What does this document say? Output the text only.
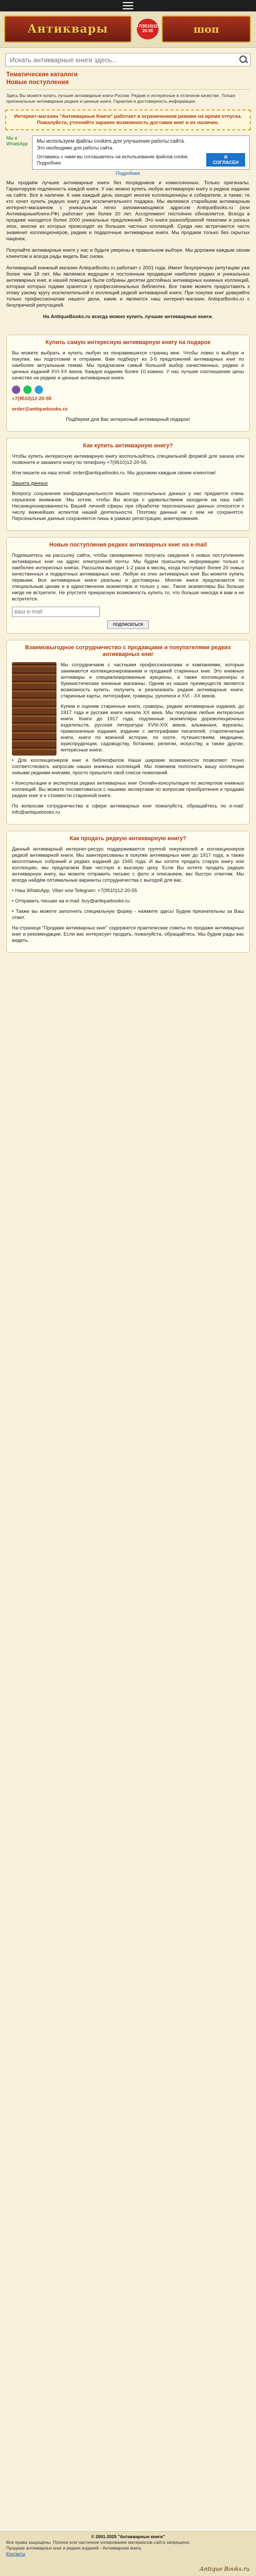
Антиквары	+7(9510)12-20-55	шоп
Искать антикварные книги здесь...
Тематические каталоги
Новые поступления
Здесь Вы можете купить лучшие антикварные книги России. Редкие и интересные в отличном качестве. Только оригинальные антикварные редкие и ценные книги. Гарантия и достоверность информации.

Интернет-магазин "Антикварные Книги" работает в ограниченном режиме на время отпуска. Пожалуйста, уточняйте заранее возможность доставки книг и их наличие.

Мы в WhatsApp Мы используем файлы cookies для улучшения работы сайта.
Это необходимо для работы сайта.
Оставаясь с нами вы соглашаетесь на использование файлов cookie. Подробнее
Я СОГЛАСЕН
Подробнее

Мы продаём лучшие антикварные книги без посредников и комиссионных. Только оригиналы. Гарантируем подлинность каждой книги. У нас можно купить любую антикварную книгу и редкое издание на сайте. Все в наличии. К нам каждый день заходят многие коллекционеры и собиратели, а также, те кто хочет купить редкую книгу для исключительного подарка. Мы являемся старейшим антикварным интернет-магазином с уникальным легко запоминающимся адресом AntiqueBooks.ru (или АнтикварныеКниги.РФ) работает уже более 20 лет. Ассортимент постоянно обновляется. Всегда в продаже находится более 2000 уникальных предложений. Это книги разнообразной тематики и разных эпох, многие из которых происходят из больших частных коллекций. Среди них встречаются часто знаменит коллекционеров, редкие и подарочные антикварные книги. Мы продаем только без скрытых наценок.

Покупайте антикварные книги у нас и будьте уверены в правильном выборе. Мы дорожим каждым своим клиентом и всегда рады видеть Вас снова.

Антикварный книжный магазин AntiqueBooks.ru работает с 2001 года. Имеет безупречную репутацию уже более чем 18 лет. Мы являемся ведущим и постоянным продавцом наиболее редких и уникальных антикварных книг, в нашей помощью были собраны десятки достойных антикварных книжных коллекций, которые которых годами хранится у профессиональных библиотек. Все также можете предоставить к этому узкому кругу исключительной и коллекций редкой антикварной книги. При покупке книг доверяйте только профессионалам нашего дела, какие и являются наш интернет-магазин AntiqueBooks.ru с безупречной репутацией.

На AntiqueBooks.ru всегда можно купить лучшие антикварные книги.

Купить самую интересную антикварную книгу на подарок

Вы можете выбрать и купить любую из понравившихся страниц мне. Чтобы ловко о выборе и покупке, мы подготовим и отправим. Вам подберут из 3-5 предложений антикварных книг по наиболее актуальным темам. Мы предлагаем самый большой выбор качественных, редких и ценных изданий XVI-XX веков. Каждое издание более 10 ковано. У нас лучшие соотношение цены качество на редкие и ценные антикварные книги.

+7(9510)12-20-55

order@antiquebooks.ru

Подберем для Вас интересный антикварный подарок!

Как купить антикварную книгу?

Чтобы купить интересную антикварную книгу воспользуйтесь специальной формой для заказа или позвоните и закажите книгу по телефону +7(9510)12-20-55.

Или пишите на наш email: order@antiquebooks.ru. Мы дорожим каждым своим клиентом!

Защита данных

Вопросу сохранения конфиденциальности ваших персональных данных у нас придается очень серьезное внимание. Мы хотим, чтобы Вы всегда с удовольствием заходили на наш сайт. Несанкционированность Вашей личной сферы при обработке персональных данных относится к числу важнейших аспектов нашей деятельности. Поэтому данные ни с кем не сохранятся. Персональные данные сохраняются лишь в рамках регистрации, анкетирования.

Новые поступления редких антикварных книг на e-mail

Подпишитесь на рассылку сайта, чтобы своевременно получать сведения о новых поступлениях антикварных книг на адрес электронной почты. Мы будем присылать информацию только о наиболее интересных книгах. Рассылка выходит 1-2 раза в месяц, когда поступают более 20 новых качественных и подарочных антикварных книг. Любую из этих антикварных книг Вы можете купить первыми. Все антикварные книги реальны и достоверны. Многие книги предлагаются по специальным ценам и в единственном экземпляре и только у нас. Такое экземпляры Вы больше нигде не встретите. Не упустите прекрасную возможность купить то, что больше никогда в вам и не встретится.

ваш e-mail
подписаться
Взаимовыгодное сотрудничество с продавцами и покупателями редких антикварных книг

Мы сотрудничаем с частными профессионалами и компаниями, которые занимаются коллекционированием и продажей старинных книг. Это книжные антиквары и специализированные аукционы, а также коллекционеры и букинистические книжные магазины. Одним из наших преимуществ является возможность купить, получить и реализовать редкие антикварные книги, старинные карты, литографии, гравюры, рукописи и XVI - XX веков.

Купим и оценим старинные книги, гравюры, редкие антикварные издания, до 1917 года и русские книги начала XX века. Мы покупаем любые интересные книги. Книги до 1917 года, подлинные экземпляры дореволюционных издательств, русская литература XVIII-XIX веков, альманахи, журналы, прижизненные издания, издание с автографами писателей, старопечатные книги, книги по военной истории, по охоте, путешествиям, медицине, юриспруденции, садоводству, ботанике, религии, искусству, а также другие, интересные книги.

• Для коллекционеров книг и библиофилов Наши широкие возможности позволяют точно соответствовать запросам наших книжных коллекций. Мы поможем пополнить вашу коллекцию новыми редкими книгами, просто пришлите свой список пожеланий.

• Консультации и экспертиза редких антикварных книг Онлайн-консультации по экспертизе книжных коллекций. Вы можете посоветоваться с нашими экспертами по вопросам приобретения и продажи редких книг и о стоимости старинной книги.

По вопросам сотрудничества в сфере антикварных книг пожалуйста, обращайтесь по e-mail: info@antiquebooks.ru

Как продать редкую антикварную книгу?

Данный антикварный интернет-ресурс поддерживается группой покупателей и коллекционеров редкой антикварной книги. Мы заинтересованы в покупке антикварных книг до 1917 года, а также многотомных собраний и редких изданий до 1945 года. И вы хотите продать старую книгу или коллекцию, мы предлагаем Вам честную и высокую цену. Если Вы хотите продать редкую антикварную книгу, вы можете отправить письмо с фото и описанием, мы быстро ответим. Мы всегда найдём оптимальные варианты сотрудничества с выгодой для вас.

• Наш WhatsApp, Viber или Telegram: +7(9510)12-20-55

• Отправить письмо на e-mail: buy@antiquebooks.ru

• Также вы можете заполнить специальную форму - нажмите здесь! Будем признательны за Ваш ответ.

На странице "Продаже антикварных книг" содержатся практические советы по продаже антикварных книг и рекомендации. Если вас интересует продать, пожалуйста, обращайтесь. Мы будем рады вас видеть.

© 2001-2025 "Антикварные книги"
Все права защищены. Полное или частичное копирование материалов сайта запрещено.
Продажа антикварных книг и редких изданий - Антикварная книга.
Контакты
Antique Books.ru
